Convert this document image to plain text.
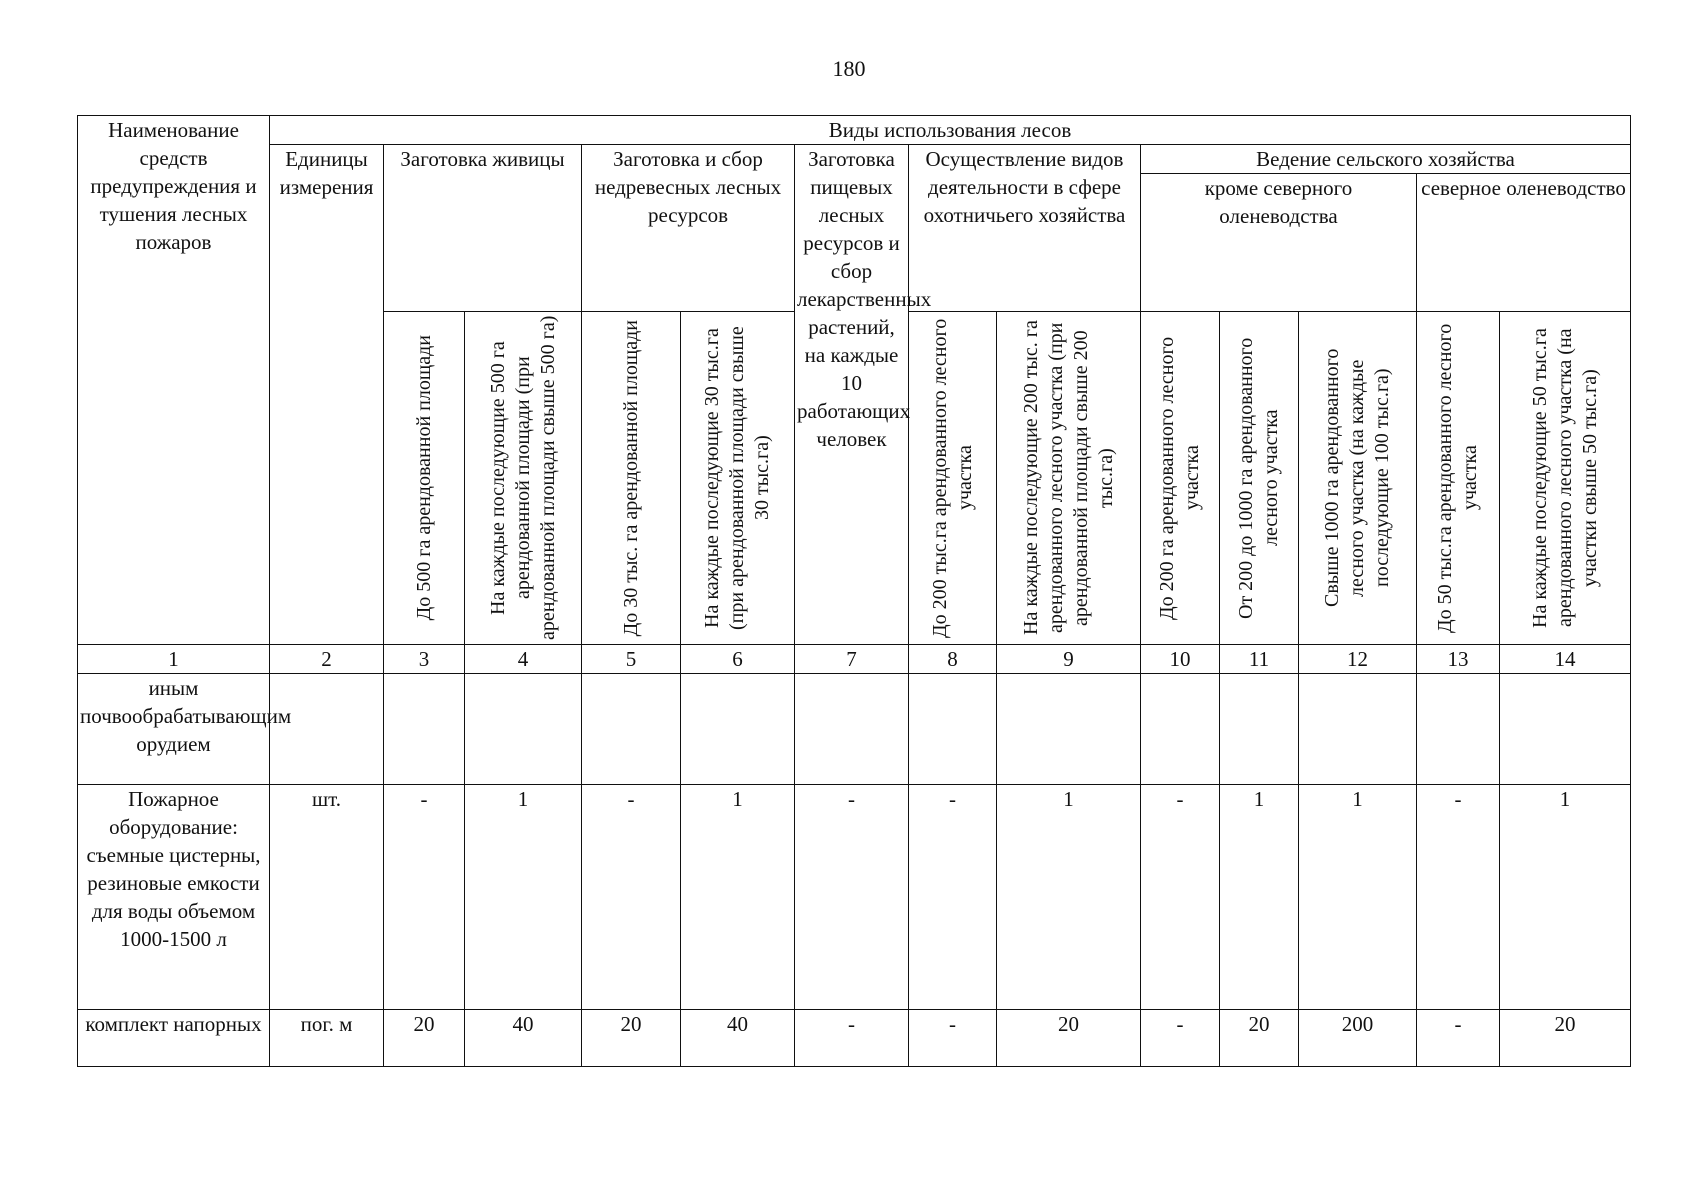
180
Наименование средств предупреждения и тушения лесных пожаров	Виды использования лесов												
	Единицы измерения	Заготовка живицы		Заготовка и сбор недревесных лесных ресурсов		Заготовка пищевых лесных ресурсов и сбор лекарственных растений, на каждые 10 работающих человек	Осуществление видов деятельности в сфере охотничьего хозяйства		Ведение сельского хозяйства				
									кроме северного оленеводства			северное оленеводство	

		До 500 га арендованной площади	На каждые последующие 500 га арендованной площади (при арендованной площади свыше 500 га)	До 30 тыс. га арендованной площади	На каждые последующие 30 тыс.га (при арендованной площади свыше 30 тыс.га)		До 200 тыс.га арендованного лесного участка	На каждые последующие 200 тыс. га арендованного лесного участка (при арендованной площади свыше 200 тыс.га)	До 200 га арендованного лесного участка	От 200 до 1000 га арендованного лесного участка	Свыше 1000 га арендованного лесного участка (на каждые последующие 100 тыс.га)	До 50 тыс.га арендованного лесного участка	На каждые последующие 50 тыс.га арендованного лесного участка (на участки свыше 50 тыс.га)

1	2	3	4	5	6	7	8	9	10	11	12	13	14
иным почвообрабатывающим орудием													
Пожарное оборудование: съемные цистерны, резиновые емкости для воды объемом 1000-1500 л	шт.	-	1	-	1	-	-	1	-	1	1	-	1
комплект напорных	пог. м	20	40	20	40	-	-	20	-	20	200	-	20
